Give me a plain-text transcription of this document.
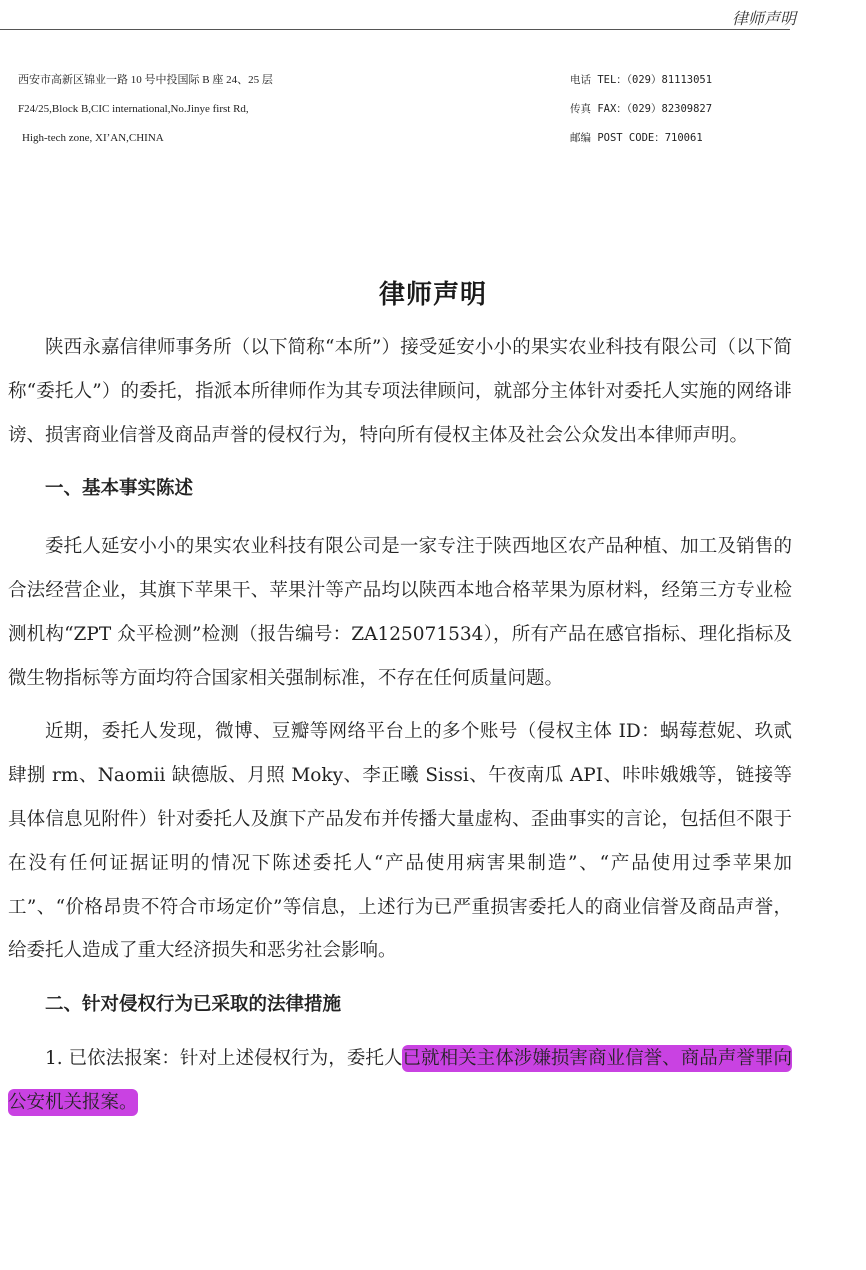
律师声明
西安市高新区锦业一路 10 号中投国际 B 座 24、25 层
F24/25,Block B,CIC international,No.Jinye first Rd,
High-tech zone, XI’AN,CHINA
电话 TEL：（029）81113051
传真 FAX：（029）82309827
邮编 POST CODE：710061
律师声明

陕西永嘉信律师事务所（以下简称“本所”）接受延安小小的果实农业科技有限公司（以下简称“委托人”）的委托，指派本所律师作为其专项法律顾问，就部分主体针对委托人实施的网络诽谤、损害商业信誉及商品声誉的侵权行为，特向所有侵权主体及社会公众发出本律师声明。

一、基本事实陈述

委托人延安小小的果实农业科技有限公司是一家专注于陕西地区农产品种植、加工及销售的合法经营企业，其旗下苹果干、苹果汁等产品均以陕西本地合格苹果为原材料，经第三方专业检测机构“ZPT 众平检测”检测（报告编号：ZA125071534），所有产品在感官指标、理化指标及微生物指标等方面均符合国家相关强制标准，不存在任何质量问题。

近期，委托人发现，微博、豆瓣等网络平台上的多个账号（侵权主体 ID：蜗莓惹妮、玖贰肆捌 rm、Naomii 缺德版、月照 Moky、李正曦 Sissi、午夜南瓜 API、咔咔娥娥等，链接等具体信息见附件）针对委托人及旗下产品发布并传播大量虚构、歪曲事实的言论，包括但不限于在没有任何证据证明的情况下陈述委托人“产品使用病害果制造”、“产品使用过季苹果加工”、“价格昂贵不符合市场定价”等信息，上述行为已严重损害委托人的商业信誉及商品声誉，给委托人造成了重大经济损失和恶劣社会影响。

二、针对侵权行为已采取的法律措施

1. 已依法报案：针对上述侵权行为，委托人已就相关主体涉嫌损害商业信誉、商品声誉罪向公安机关报案。
